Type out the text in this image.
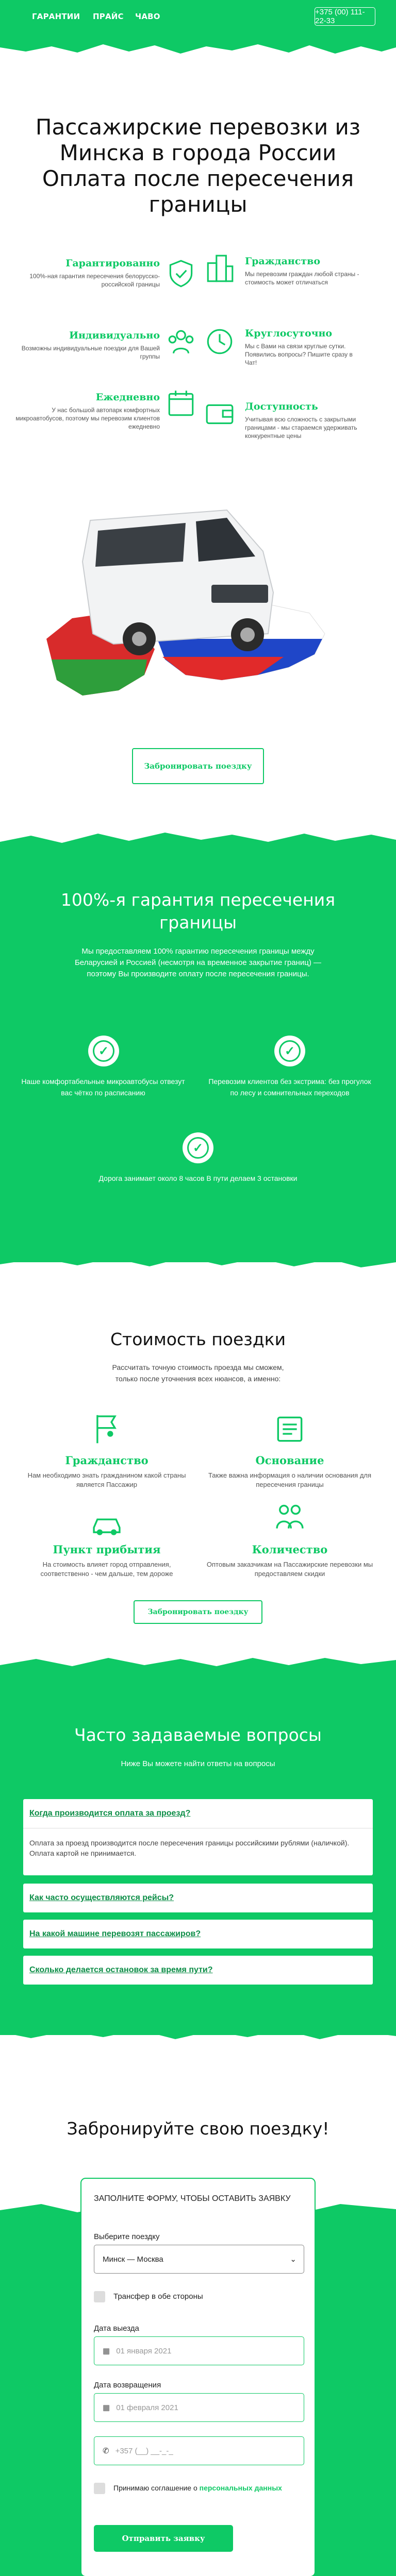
ГАРАНТИИ ПРАЙС ЧАВО	+375 (00) 111-22-33
Пассажирские перевозки из Минска в города России Оплата после пересечения границы
Гарантированно
100%-ная гарантия пересечения белорусско-российской границы
Гражданство
Мы перевозим граждан любой страны - стоимость может отличаться
Индивидуально
Возможны индивидуальные поездки для Вашей группы
Круглосуточно
Мы с Вами на связи круглые сутки. Появились вопросы? Пишите сразу в Чат!
Ежедневно
У нас большой автопарк комфортных микроавтобусов, поэтому мы перевозим клиентов ежедневно
Доступность
Учитывая всю сложность с закрытыми границами - мы стараемся удерживать конкурентные цены
Забронировать поездку
100%-я гарантия пересечения границы
Мы предоставляем 100% гарантию пересечения границы между Беларусией и Россией (несмотря на временное закрытие границ) — поэтому Вы производите оплату после пересечения границы.
✓	✓
Наше комфортабельные микроавтобусы отвезут вас чётко по расписанию
Перевозим клиентов без экстрима: без прогулок по лесу и сомнительных переходов
✓
Дорога занимает около 8 часов В пути делаем 3 остановки
Стоимость поездки
Рассчитать точную стоимость проезда мы сможем, только после уточнения всех нюансов, а именно:
Гражданство
Нам необходимо знать гражданином какой страны является Пассажир
Основание
Также важна информация о наличии основания для пересечения границы
Пункт прибытия
На стоимость влияет город отправления, соответственно - чем дальше, тем дороже
Количество
Оптовым заказчикам на Пассажирские перевозки мы предоставляем скидки
Забронировать поездку
Часто задаваемые вопросы
Ниже Вы можете найти ответы на вопросы
Когда производится оплата за проезд?
Оплата за проезд производится после пересечения границы российскими рублями (наличкой). Оплата картой не принимается.
Как часто осуществляются рейсы?
На какой машине перевозят пассажиров?
Сколько делается остановок за время пути?
Забронируйте свою поездку!
ЗАПОЛНИТЕ ФОРМУ, ЧТОБЫ ОСТАВИТЬ ЗАЯВКУ
Выберите поездку
Минск — Москва	⌄
Трансфер в обе стороны
Дата выезда
▦ 01 января 2021
Дата возвращения
▦ 01 февраля 2021
✆ +357 (__) __-_-_
Принимаю соглашение о персональных данных
Отправить заявку
